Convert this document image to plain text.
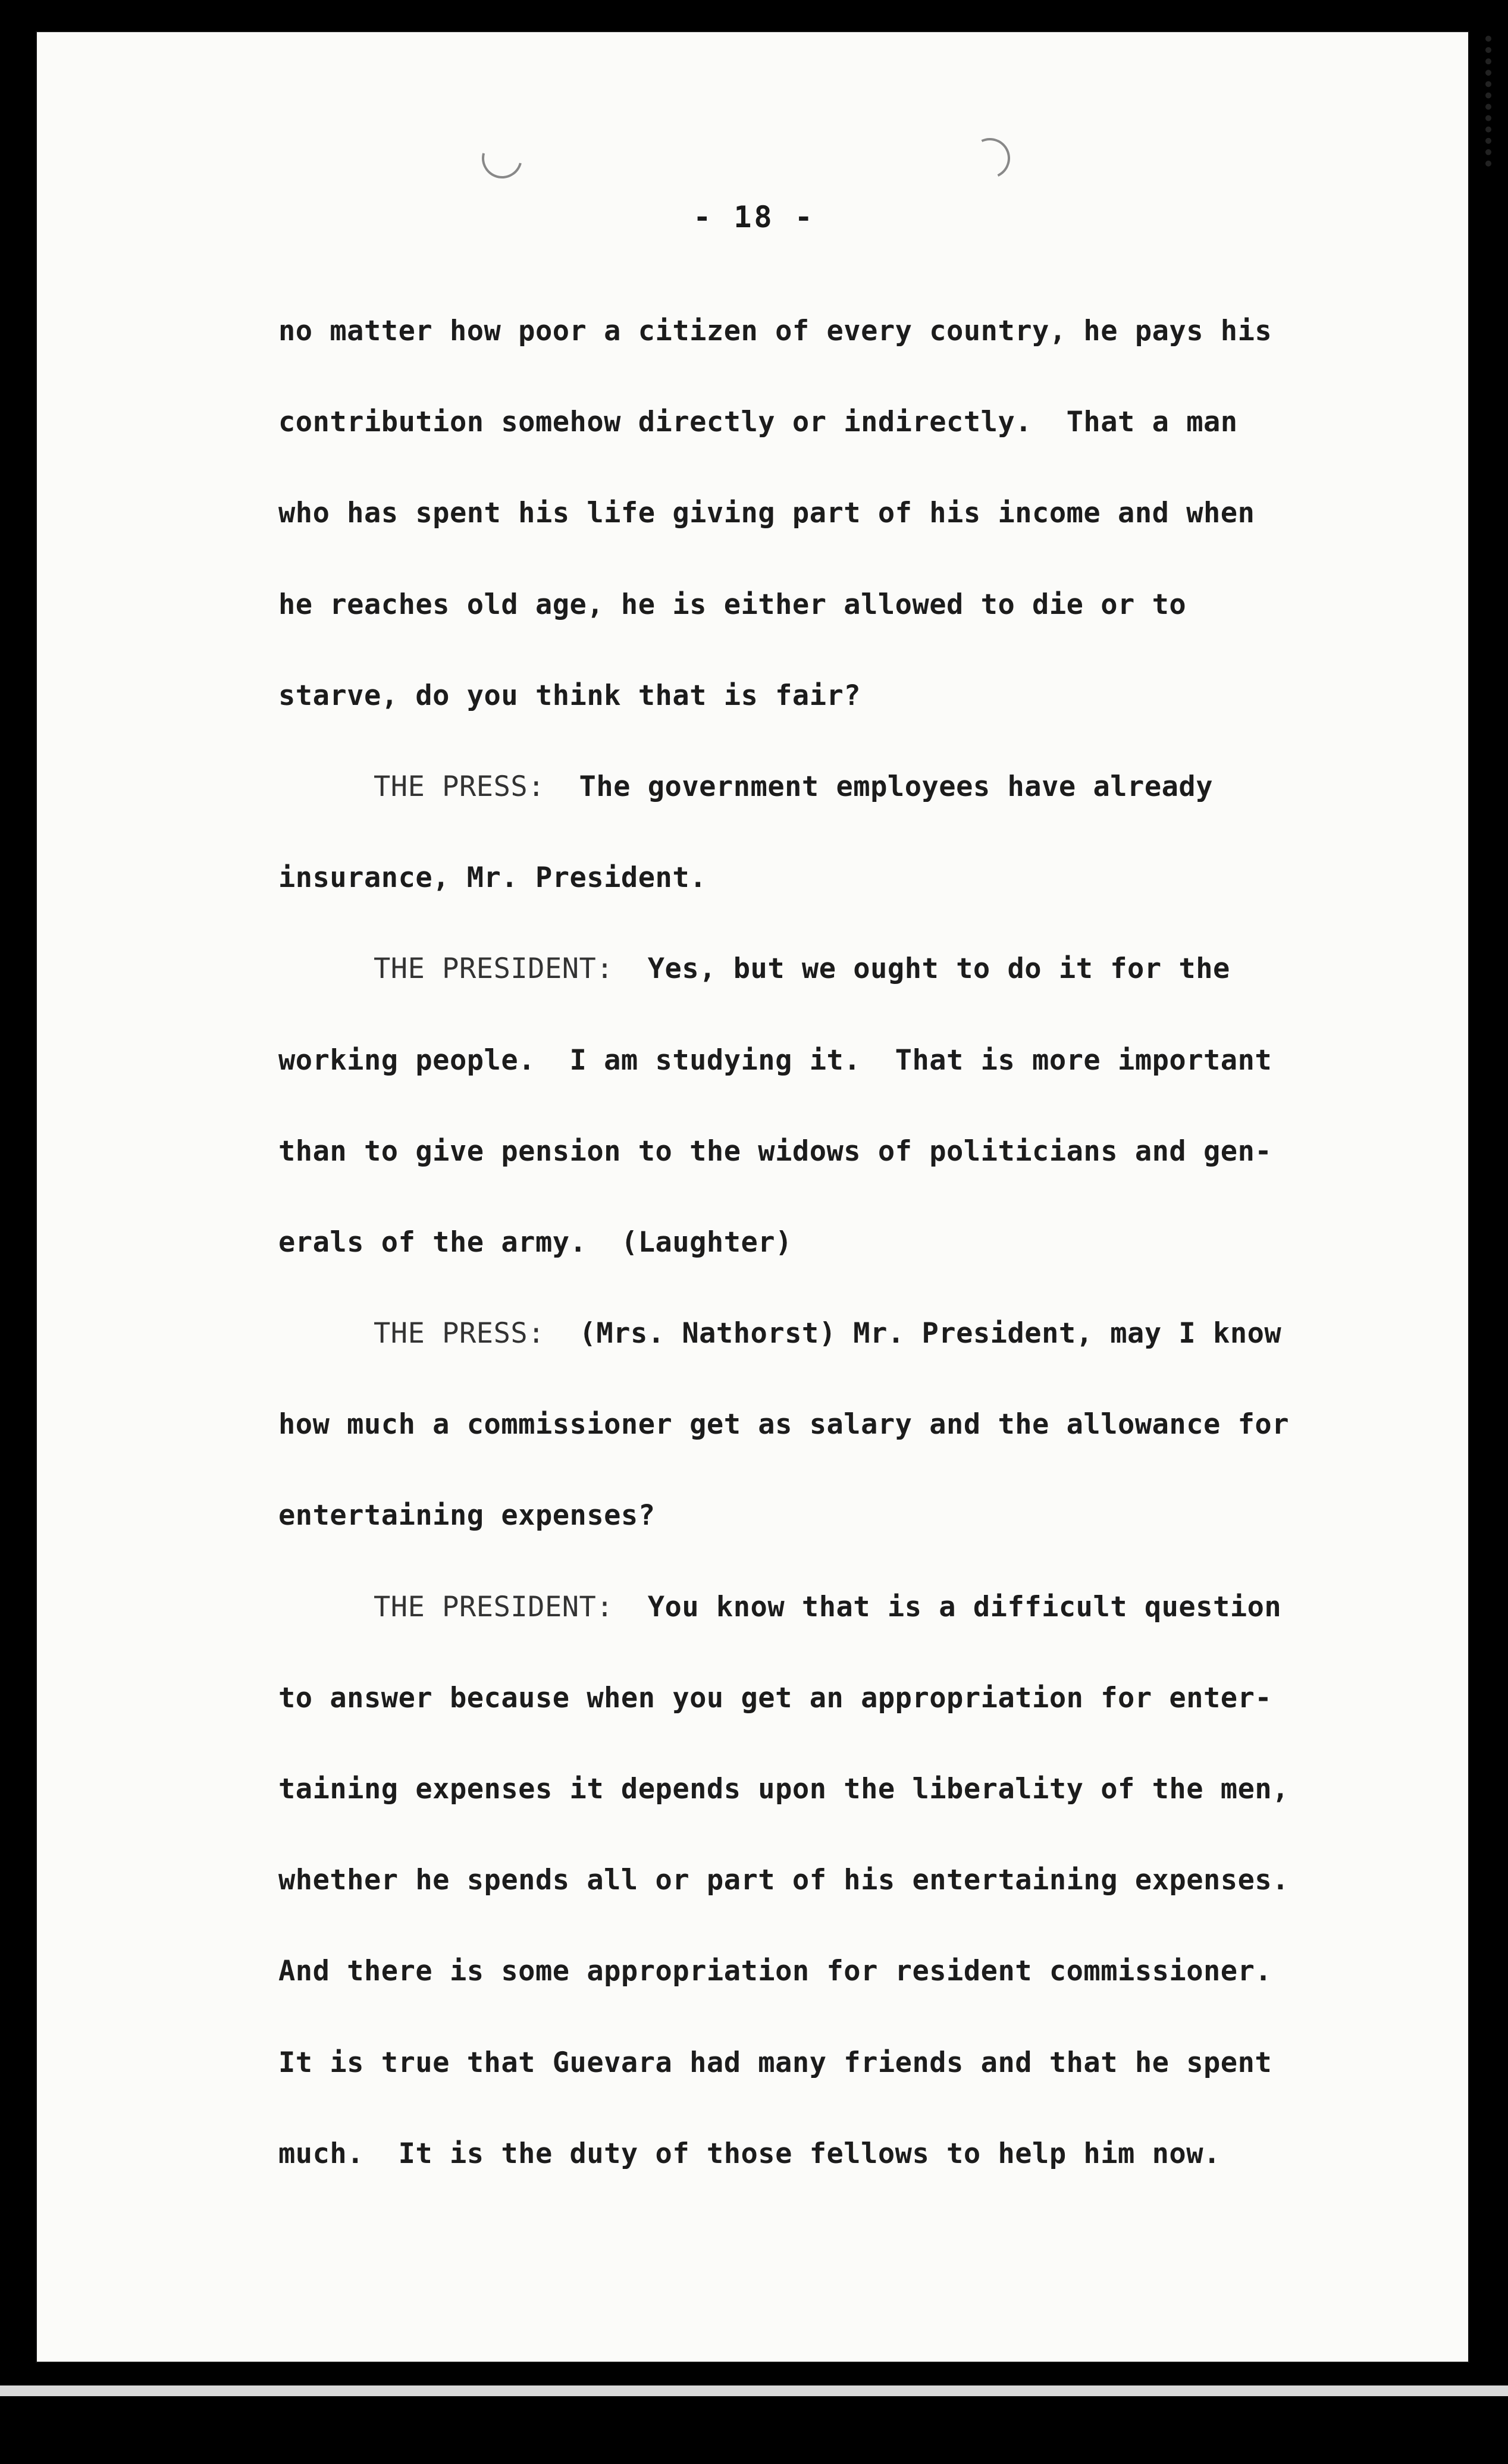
- 18 -
no matter how poor a citizen of every country, he pays his
contribution somehow directly or indirectly.  That a man
who has spent his life giving part of his income and when
he reaches old age, he is either allowed to die or to
starve, do you think that is fair?
THE PRESS:  The government employees have already
insurance, Mr. President.
THE PRESIDENT:  Yes, but we ought to do it for the
working people.  I am studying it.  That is more important
than to give pension to the widows of politicians and gen-
erals of the army.  (Laughter)
THE PRESS:  (Mrs. Nathorst) Mr. President, may I know
how much a commissioner get as salary and the allowance for
entertaining expenses?
THE PRESIDENT:  You know that is a difficult question
to answer because when you get an appropriation for enter-
taining expenses it depends upon the liberality of the men,
whether he spends all or part of his entertaining expenses.
And there is some appropriation for resident commissioner.
It is true that Guevara had many friends and that he spent
much.  It is the duty of those fellows to help him now.
